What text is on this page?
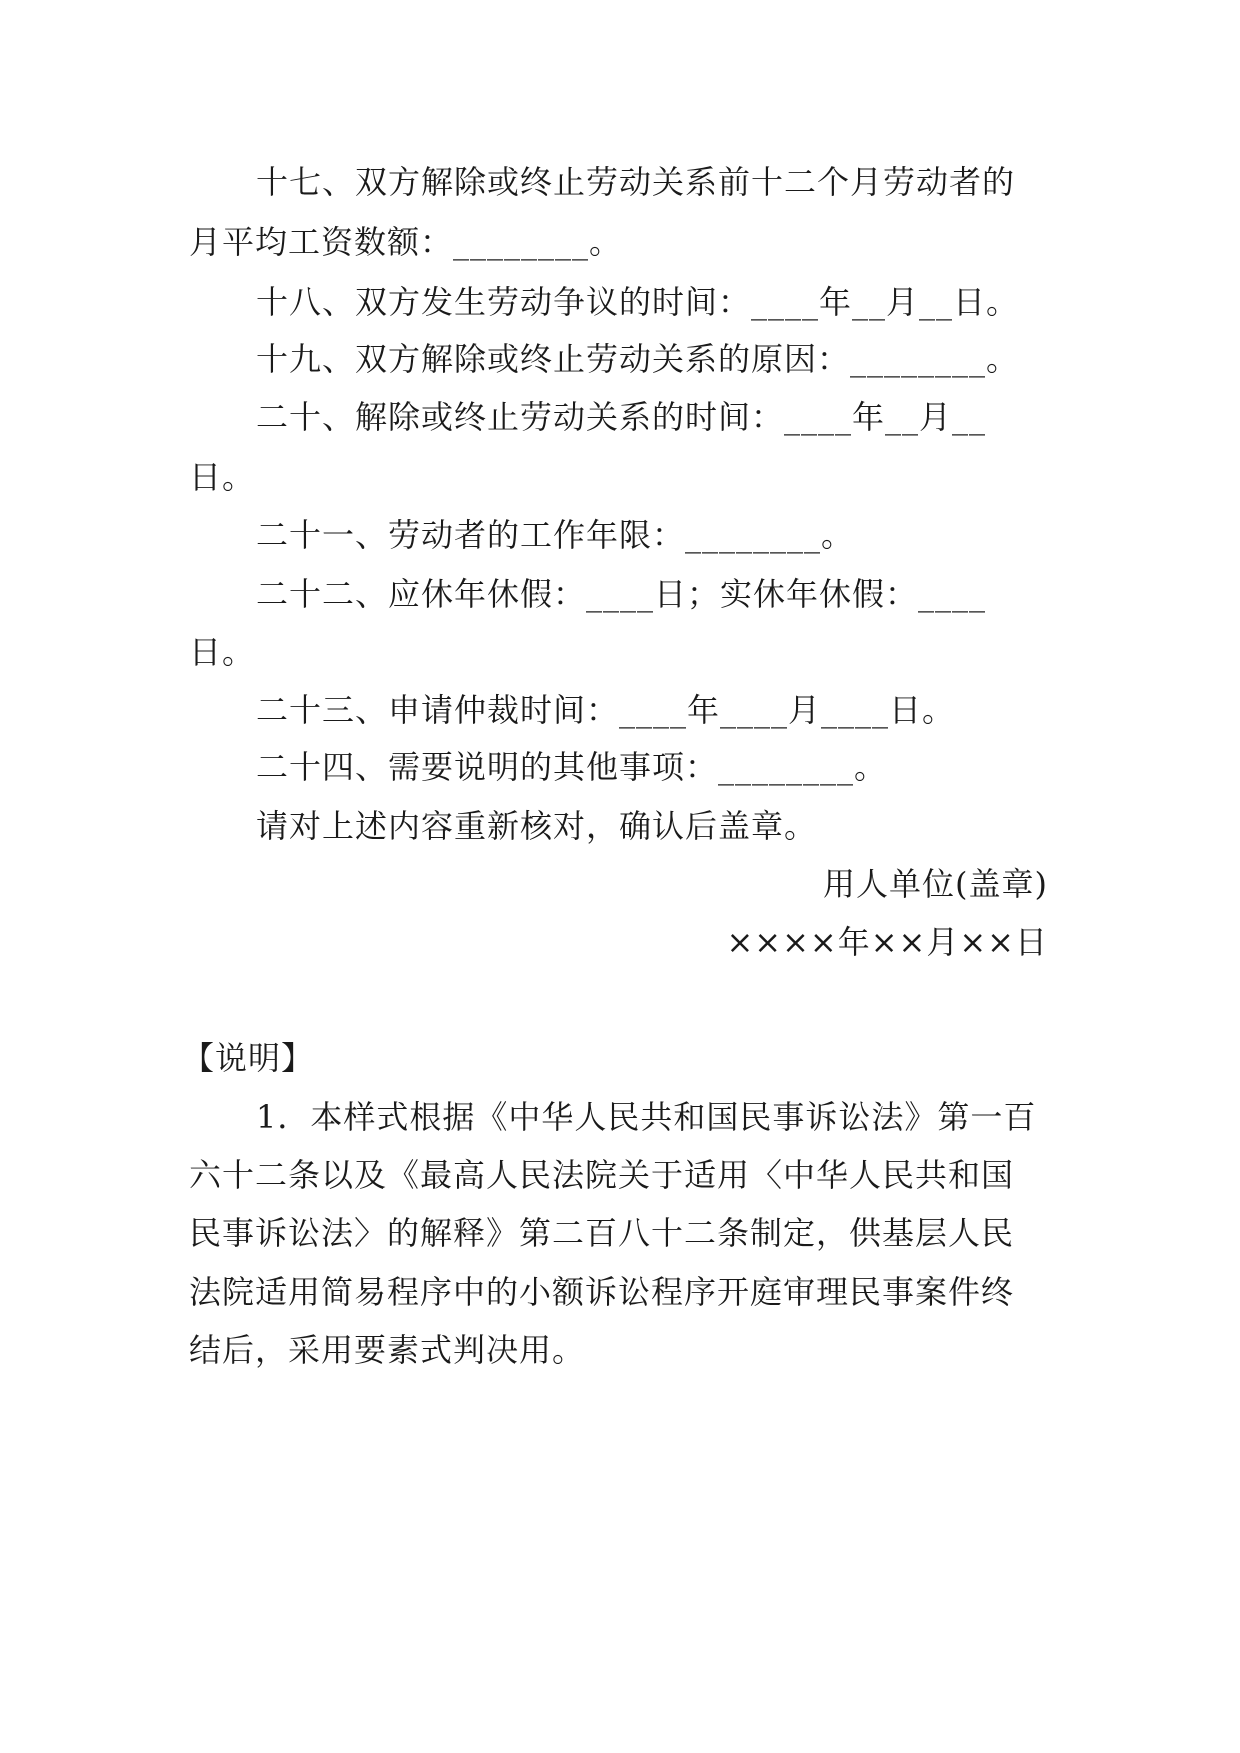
十七、双方解除或终止劳动关系前十二个月劳动者的
月平均工资数额：________。
十八、双方发生劳动争议的时间：____年__月__日。
十九、双方解除或终止劳动关系的原因：________。
二十、解除或终止劳动关系的时间：____年__月__
日。
二十一、劳动者的工作年限：________。
二十二、应休年休假：____日；实休年休假：____
日。
二十三、申请仲裁时间：____年____月____日。
二十四、需要说明的其他事项：________。
请对上述内容重新核对，确认后盖章。
用人单位(盖章)
××××年××月××日
【说明】
1．本样式根据《中华人民共和国民事诉讼法》第一百
六十二条以及《最高人民法院关于适用〈中华人民共和国
民事诉讼法〉的解释》第二百八十二条制定，供基层人民
法院适用简易程序中的小额诉讼程序开庭审理民事案件终
结后，采用要素式判决用。
